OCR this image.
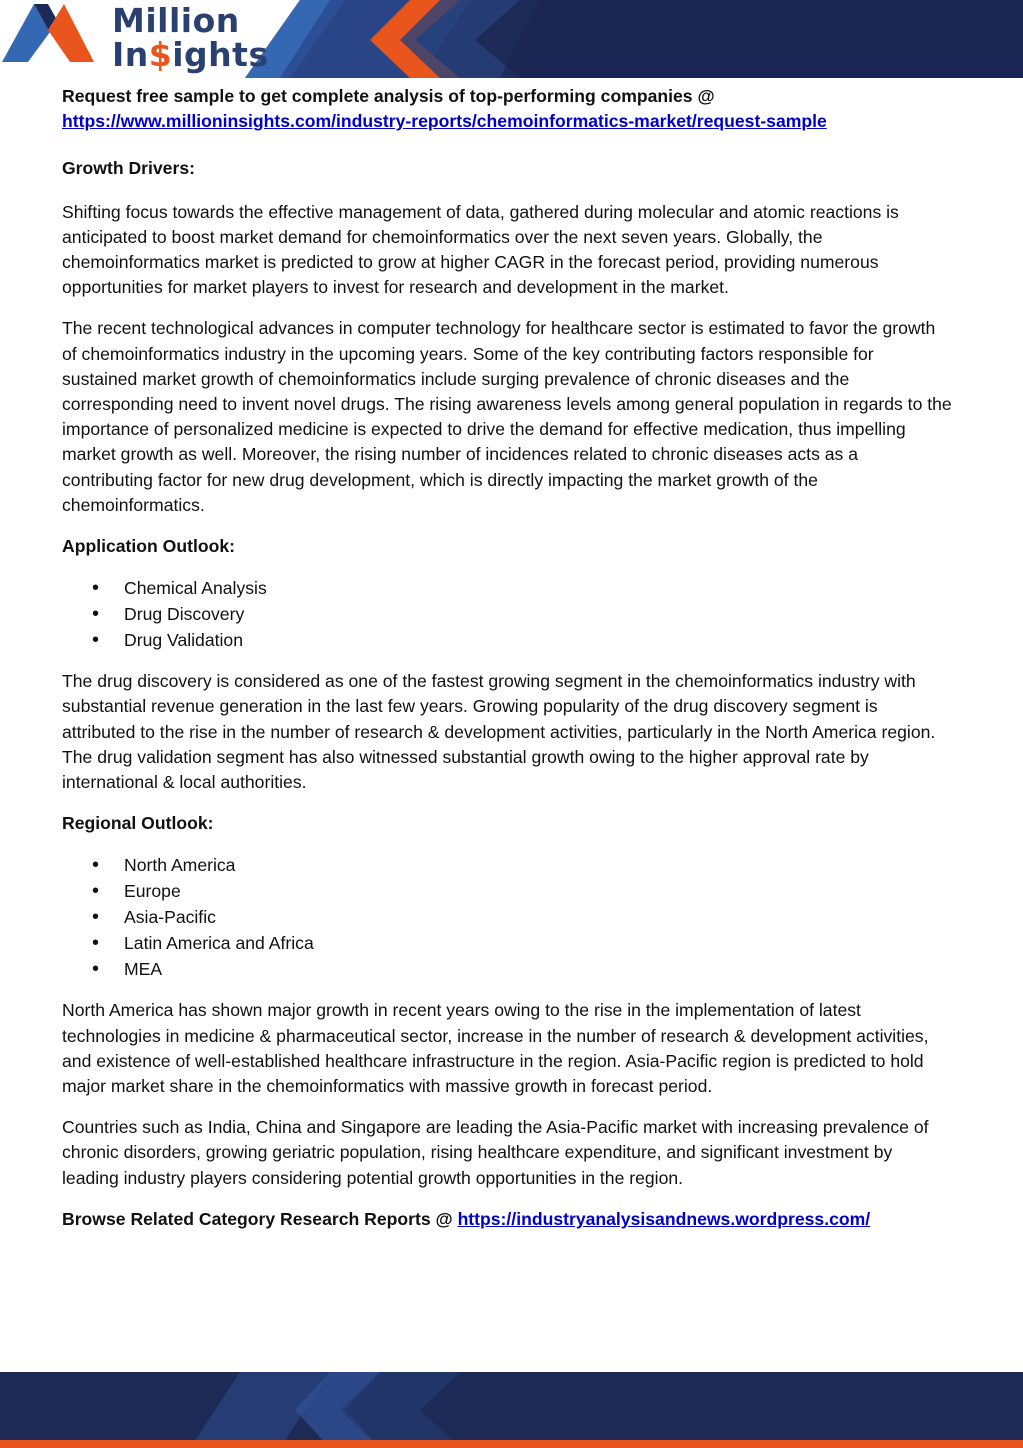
Million
In$ights

Request free sample to get complete analysis of top-performing companies @
https://www.millioninsights.com/industry-reports/chemoinformatics-market/request-sample

Growth Drivers:

Shifting focus towards the effective management of data, gathered during molecular and atomic reactions is anticipated to boost market demand for chemoinformatics over the next seven years. Globally, the chemoinformatics market is predicted to grow at higher CAGR in the forecast period, providing numerous opportunities for market players to invest for research and development in the market.

The recent technological advances in computer technology for healthcare sector is estimated to favor the growth of chemoinformatics industry in the upcoming years. Some of the key contributing factors responsible for sustained market growth of chemoinformatics include surging prevalence of chronic diseases and the corresponding need to invent novel drugs. The rising awareness levels among general population in regards to the importance of personalized medicine is expected to drive the demand for effective medication, thus impelling market growth as well. Moreover, the rising number of incidences related to chronic diseases acts as a contributing factor for new drug development, which is directly impacting the market growth of the chemoinformatics.

Application Outlook:

• Chemical Analysis
• Drug Discovery
• Drug Validation

The drug discovery is considered as one of the fastest growing segment in the chemoinformatics industry with substantial revenue generation in the last few years. Growing popularity of the drug discovery segment is attributed to the rise in the number of research & development activities, particularly in the North America region. The drug validation segment has also witnessed substantial growth owing to the higher approval rate by international & local authorities.

Regional Outlook:

• North America
• Europe
• Asia-Pacific
• Latin America and Africa
• MEA

North America has shown major growth in recent years owing to the rise in the implementation of latest technologies in medicine & pharmaceutical sector, increase in the number of research & development activities, and existence of well-established healthcare infrastructure in the region. Asia-Pacific region is predicted to hold major market share in the chemoinformatics with massive growth in forecast period.

Countries such as India, China and Singapore are leading the Asia-Pacific market with increasing prevalence of chronic disorders, growing geriatric population, rising healthcare expenditure, and significant investment by leading industry players considering potential growth opportunities in the region.

Browse Related Category Research Reports @ https://industryanalysisandnews.wordpress.com/
